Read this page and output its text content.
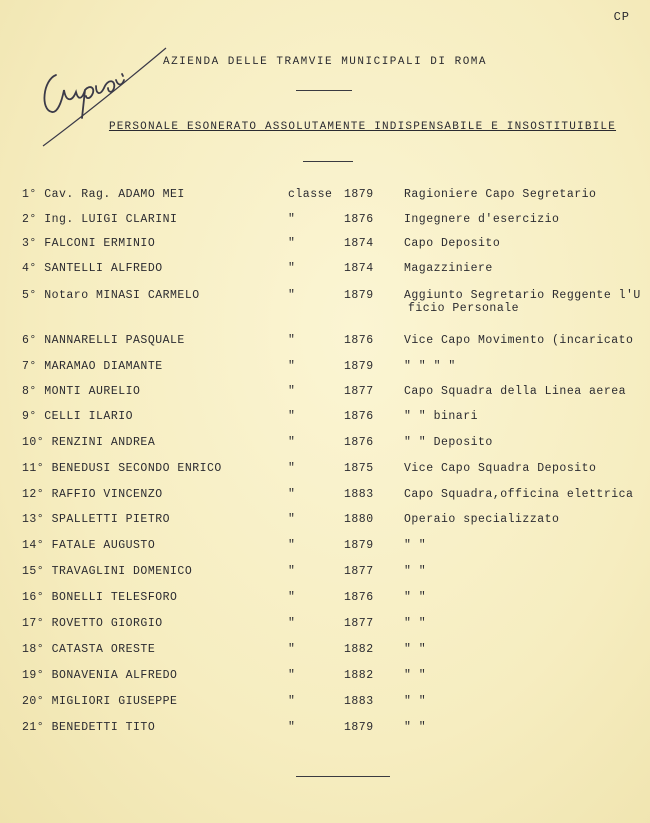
CP
AZIENDA DELLE TRAMVIE MUNICIPALI DI ROMA
PERSONALE ESONERATO ASSOLUTAMENTE INDISPENSABILE E INSOSTITUIBILE
1° Cav. Rag. ADAMO MEI	classe 1879	Ragioniere Capo Segretario
2° Ing. LUIGI CLARINI	"	1876	Ingegnere d'esercizio
3° FALCONI ERMINIO	"	1874	Capo Deposito
4° SANTELLI ALFREDO	"	1874	Magazziniere
5° Notaro MINASI CARMELO	"	1879	Aggiunto Segretario Reggente l'U
ficio Personale
6° NANNARELLI PASQUALE	"	1876	Vice Capo Movimento (incaricato
7° MARAMAO DIAMANTE	"	1879	" " " "
8° MONTI AURELIO	"	1877	Capo Squadra della Linea aerea
9° CELLI ILARIO	"	1876	" " binari
10° RENZINI ANDREA	"	1876	" " Deposito
11° BENEDUSI SECONDO ENRICO	"	1875	Vice Capo Squadra Deposito
12° RAFFIO VINCENZO	"	1883	Capo Squadra,officina elettrica
13° SPALLETTI PIETRO	"	1880	Operaio specializzato
14° FATALE AUGUSTO	"	1879	" "
15° TRAVAGLINI DOMENICO	"	1877	" "
16° BONELLI TELESFORO	"	1876	" "
17° ROVETTO GIORGIO	"	1877	" "
18° CATASTA ORESTE	"	1882	" "
19° BONAVENIA ALFREDO	"	1882	" "
20° MIGLIORI GIUSEPPE	"	1883	" "
21° BENEDETTI TITO	"	1879	" "
